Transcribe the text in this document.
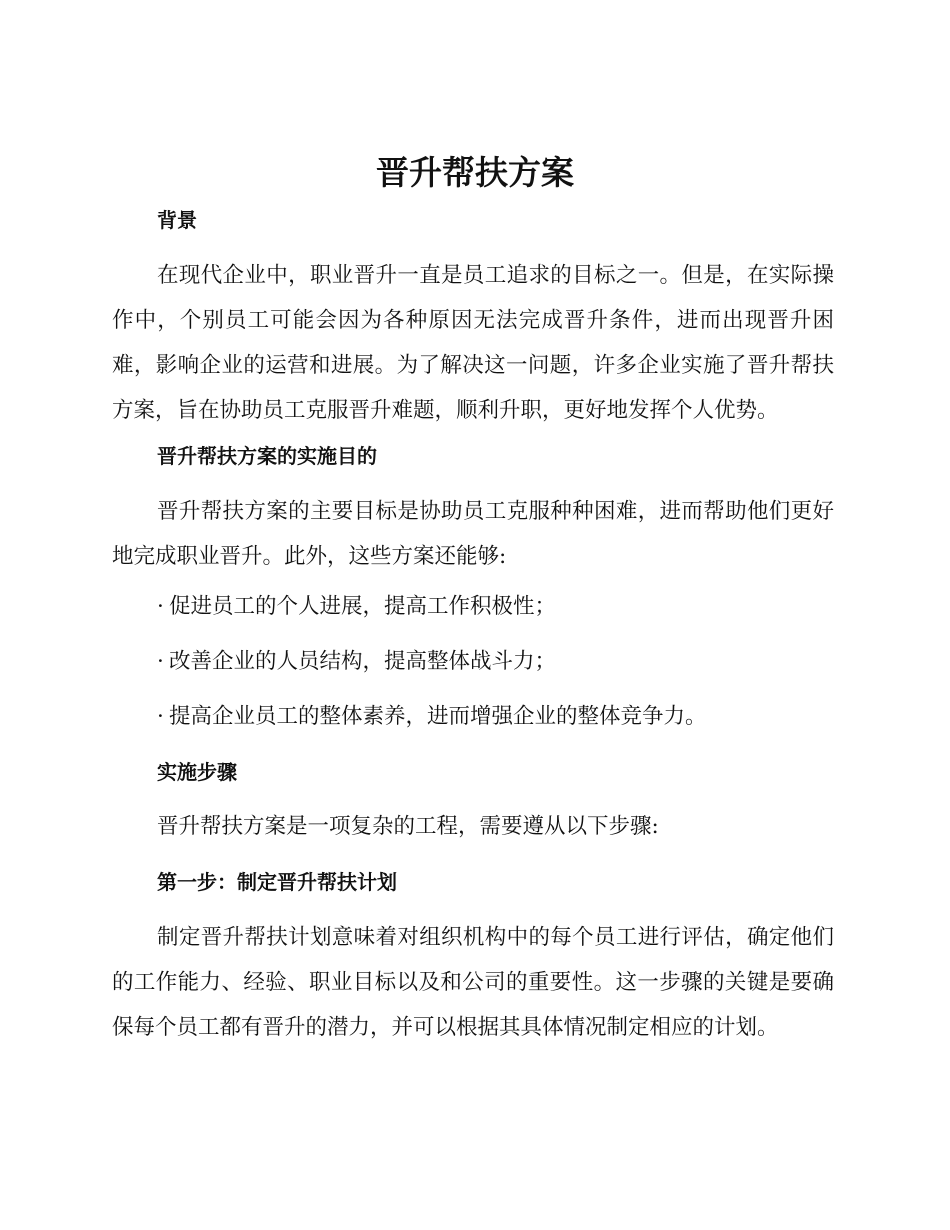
晋升帮扶方案
背景

在现代企业中，职业晋升一直是员工追求的目标之一。但是，在实际操作中，个别员工可能会因为各种原因无法完成晋升条件，进而出现晋升困难，影响企业的运营和进展。为了解决这一问题，许多企业实施了晋升帮扶方案，旨在协助员工克服晋升难题，顺利升职，更好地发挥个人优势。

晋升帮扶方案的实施目的

晋升帮扶方案的主要目标是协助员工克服种种困难，进而帮助他们更好地完成职业晋升。此外，这些方案还能够:

· 促进员工的个人进展，提高工作积极性；

· 改善企业的人员结构，提高整体战斗力；

· 提高企业员工的整体素养，进而增强企业的整体竞争力。

实施步骤

晋升帮扶方案是一项复杂的工程，需要遵从以下步骤:

第一步：制定晋升帮扶计划

制定晋升帮扶计划意味着对组织机构中的每个员工进行评估，确定他们的工作能力、经验、职业目标以及和公司的重要性。这一步骤的关键是要确保每个员工都有晋升的潜力，并可以根据其具体情况制定相应的计划。
